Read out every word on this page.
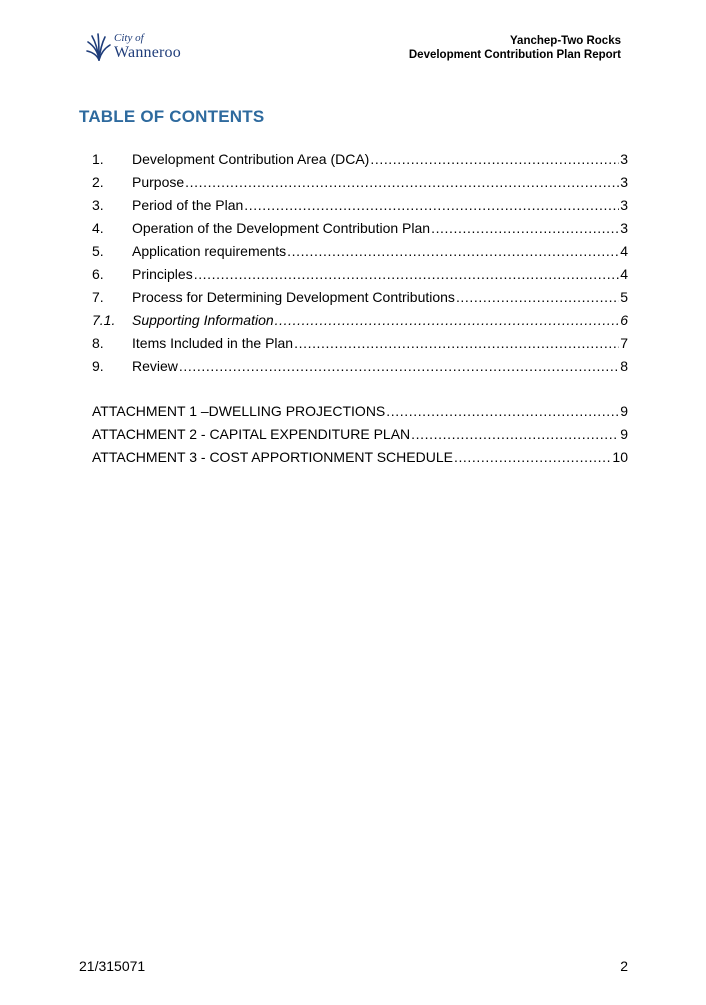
City of
Wanneroo
Yanchep-Two Rocks
Development Contribution Plan Report
TABLE OF CONTENTS
1.	Development Contribution Area (DCA) .....	3
2.	Purpose .....	3
3.	Period of the Plan .....	3
4.	Operation of the Development Contribution Plan .....	3
5.	Application requirements .....	4
6.	Principles .....	4
7.	Process for Determining Development Contributions .....	5
7.1.	Supporting Information .....	6
8.	Items Included in the Plan .....	7
9.	Review .....	8
ATTACHMENT 1 –DWELLING PROJECTIONS .....	9
ATTACHMENT 2 - CAPITAL EXPENDITURE PLAN .....	9
ATTACHMENT 3 - COST APPORTIONMENT SCHEDULE .....	10
21/315071	2
